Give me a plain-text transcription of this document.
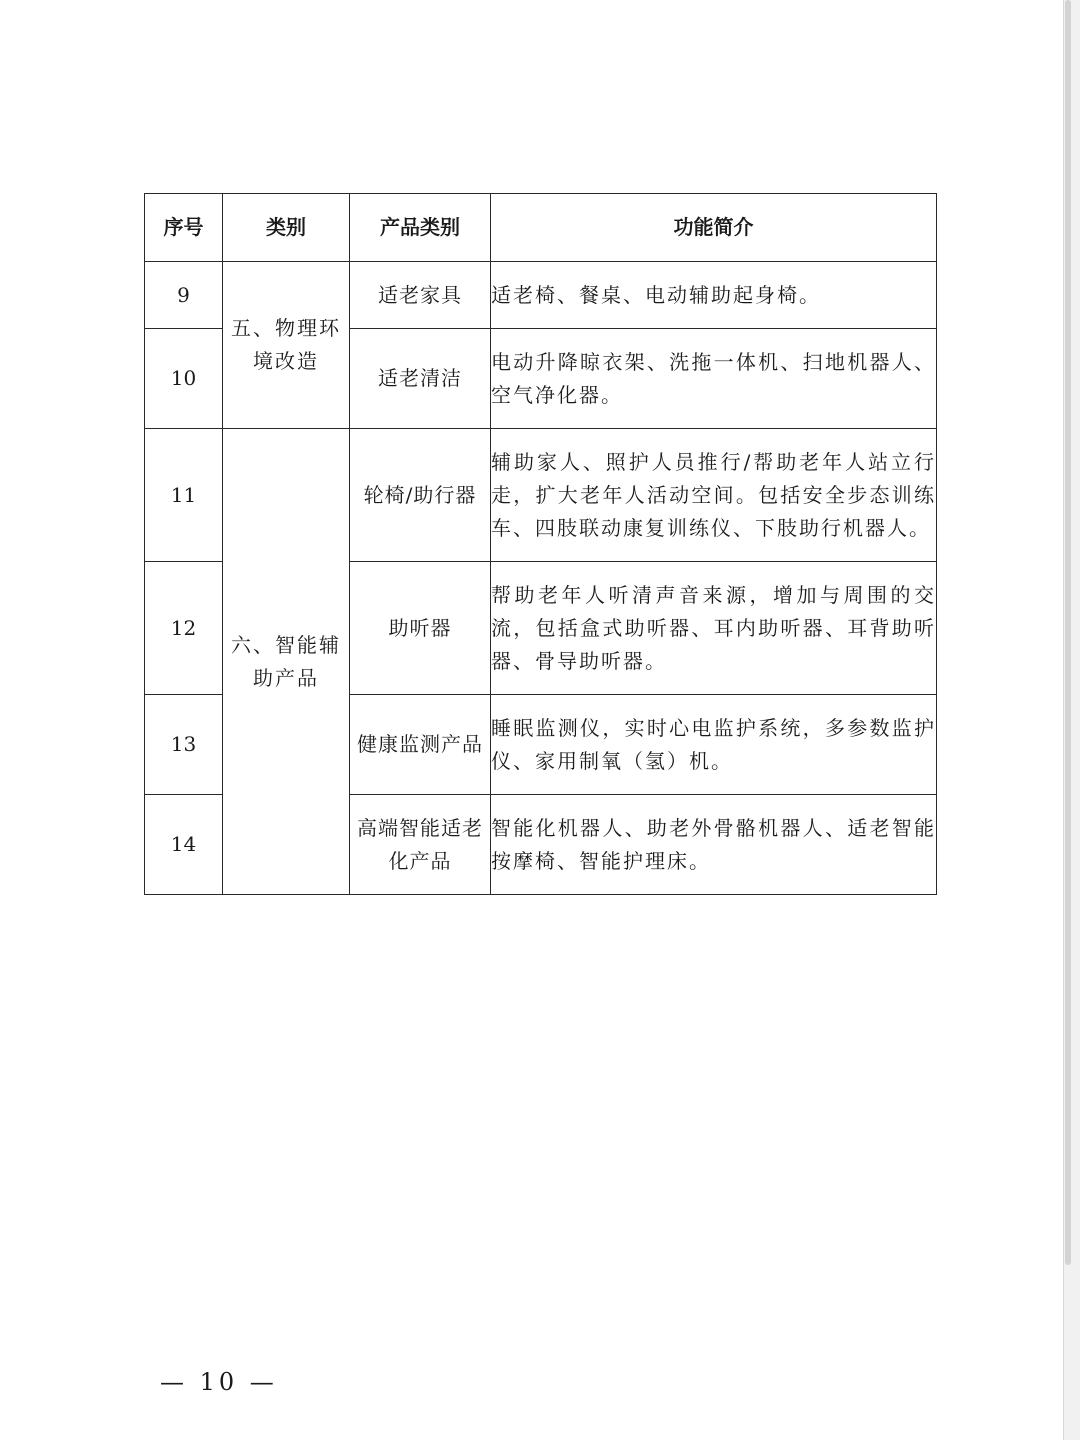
序号	类别	产品类别	功能简介
9	五、物理环境改造	适老家具	适老椅、餐桌、电动辅助起身椅。
10		适老清洁	电动升降晾衣架、洗拖一体机、扫地机器人、空气净化器。
11	六、智能辅助产品	轮椅/助行器	辅助家人、照护人员推行/帮助老年人站立行走，扩大老年人活动空间。包括安全步态训练车、四肢联动康复训练仪、下肢助行机器人。
12		助听器	帮助老年人听清声音来源，增加与周围的交流，包括盒式助听器、耳内助听器、耳背助听器、骨导助听器。
13		健康监测产品	睡眠监测仪，实时心电监护系统，多参数监护仪、家用制氧（氢）机。
14		高端智能适老化产品	智能化机器人、助老外骨骼机器人、适老智能按摩椅、智能护理床。
— 10 —
